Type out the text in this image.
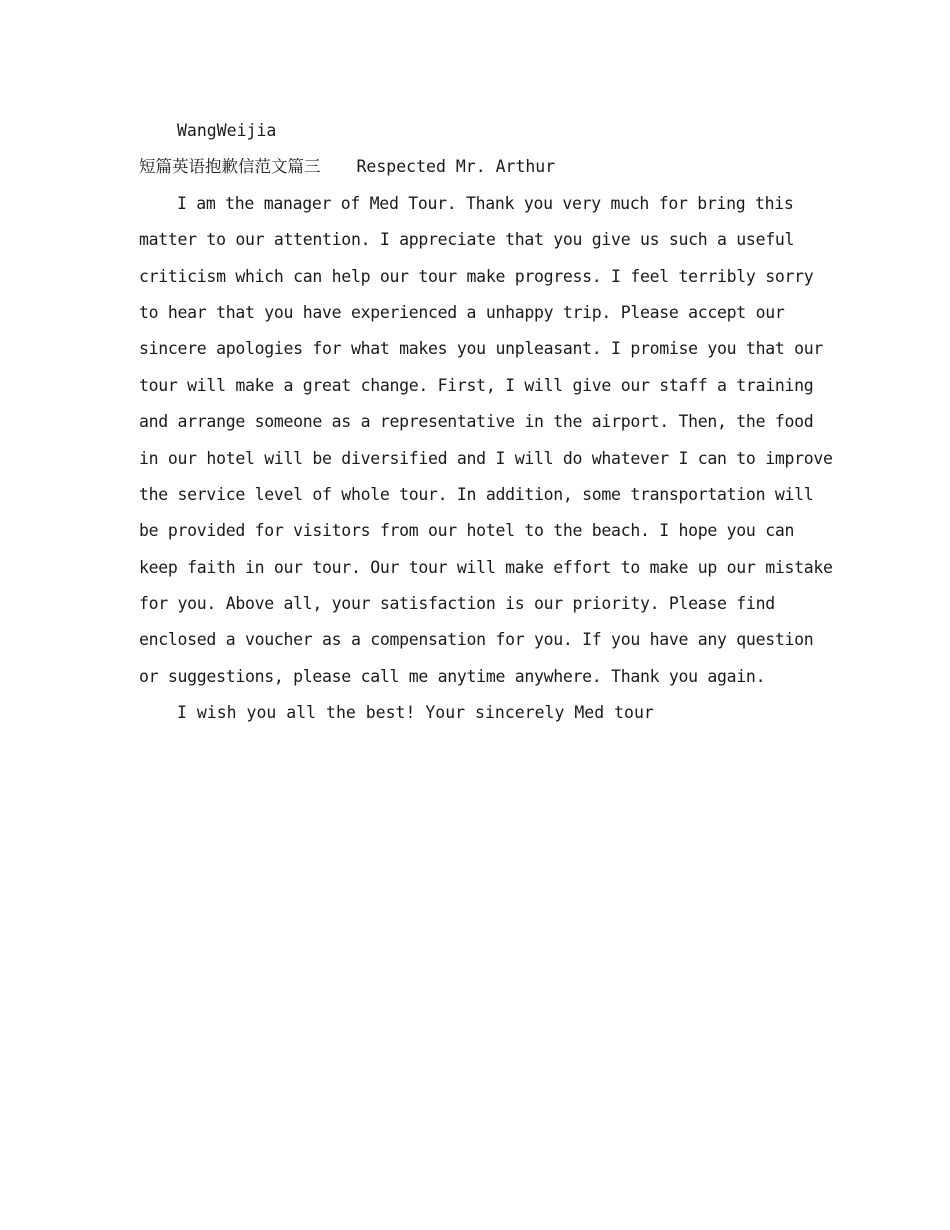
WangWeijia
短篇英语抱歉信范文篇三 Respected Mr. Arthur
I am the manager of Med Tour. Thank you very much for bring this
matter to our attention. I appreciate that you give us such a useful
criticism which can help our tour make progress. I feel terribly sorry
to hear that you have experienced a unhappy trip. Please accept our
sincere apologies for what makes you unpleasant. I promise you that our
tour will make a great change. First, I will give our staff a training
and arrange someone as a representative in the airport. Then, the food
in our hotel will be diversified and I will do whatever I can to improve
the service level of whole tour. In addition, some transportation will
be provided for visitors from our hotel to the beach. I hope you can
keep faith in our tour. Our tour will make effort to make up our mistake
for you. Above all, your satisfaction is our priority. Please find
enclosed a voucher as a compensation for you. If you have any question
or suggestions, please call me anytime anywhere. Thank you again.
I wish you all the best! Your sincerely Med tour
